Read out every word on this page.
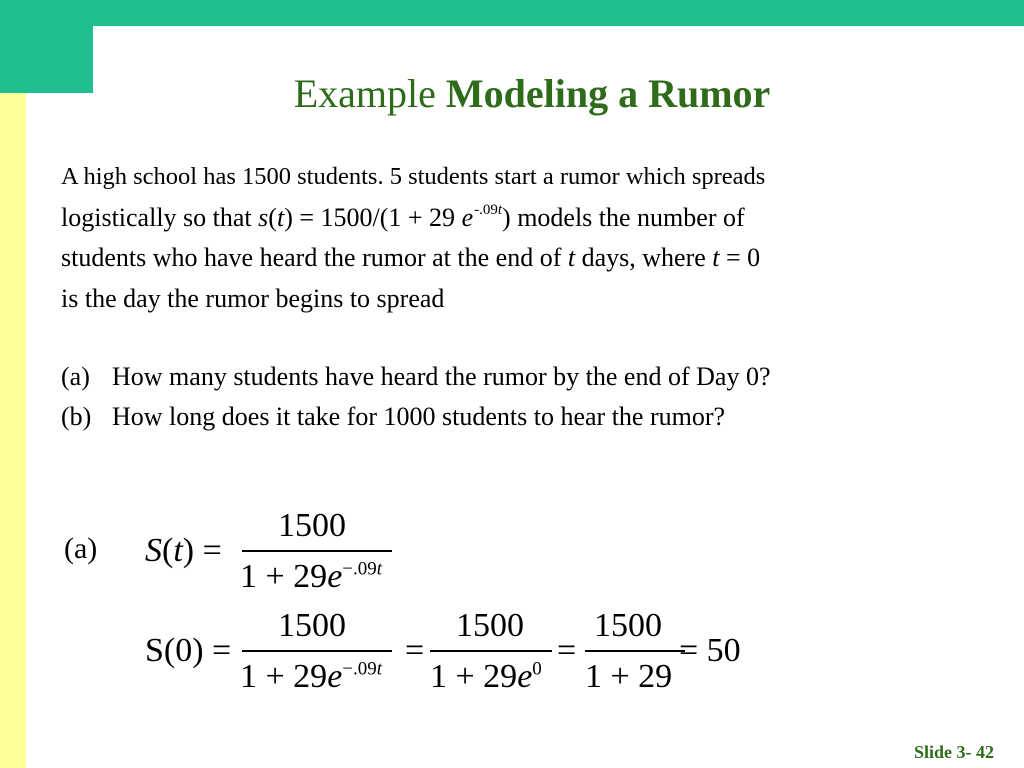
Example Modeling a Rumor
A high school has 1500 students. 5 students start a rumor which spreads
logistically so that s(t) = 1500/(1 + 29 $e^{-.09t}$) models the number of
students who have heard the rumor at the end of t days, where t = 0
is the day the rumor begins to spread
(a) How many students have heard the rumor by the end of Day 0?
(b) How long does it take for 1000 students to hear the rumor?
(a) S(t) =
1500
$1 + 29e^{-.09t}$
S(0) =
1500
$1 + 29e^{-.09t}$
=
1500
$1 + 29e^0$
=
1500
1 + 29
= 50
Slide 3- 42
